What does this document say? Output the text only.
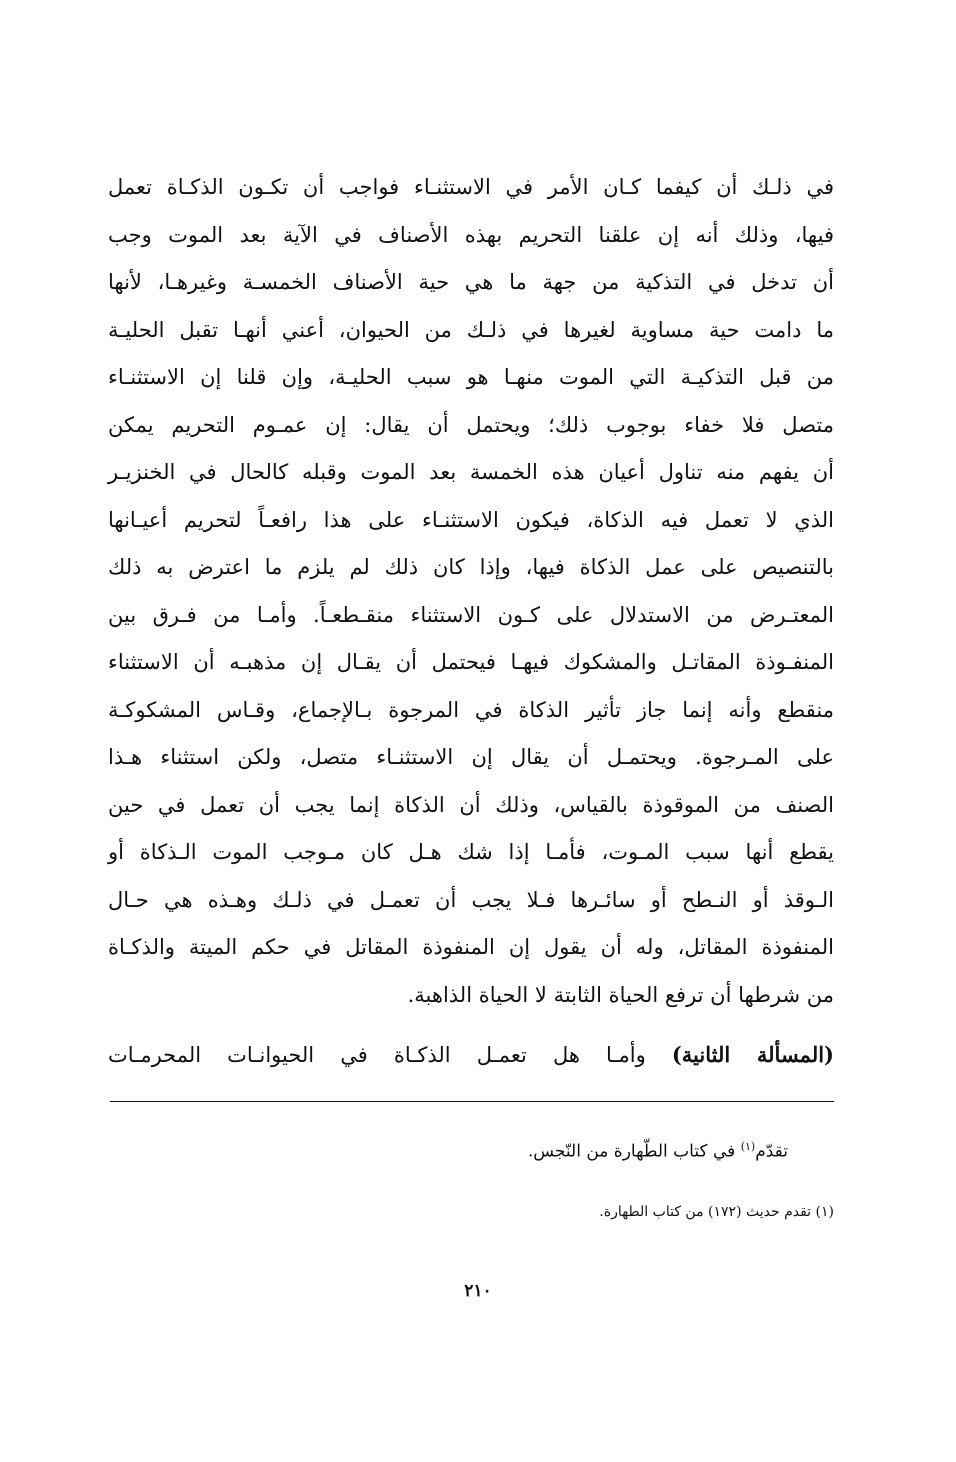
في ذلـك أن كيفما كـان الأمر في الاستثنـاء فواجب أن تكـون الذكـاة تعمل
فيها، وذلك أنه إن علقنا التحريم بهذه الأصناف في الآية بعد الموت وجب
أن تدخل في التذكية من جهة ما هي حية الأصناف الخمسـة وغيرهـا، لأنها
ما دامت حية مساوية لغيرها في ذلـك من الحيوان، أعني أنهـا تقبل الحليـة
من قبل التذكيـة التي الموت منهـا هو سبب الحليـة، وإن قلنا إن الاستثنـاء
متصل فلا خفاء بوجوب ذلك؛ ويحتمل أن يقال: إن عمـوم التحريم يمكن
أن يفهم منه تناول أعيان هذه الخمسة بعد الموت وقبله كالحال في الخنزيـر
الذي لا تعمل فيه الذكاة، فيكون الاستثنـاء على هذا رافعـاً لتحريم أعيـانها
بالتنصيص على عمل الذكاة فيها، وإذا كان ذلك لم يلزم ما اعترض به ذلك
المعتـرض من الاستدلال على كـون الاستثناء منقـطعـاً. وأمـا من فـرق بين
المنفـوذة المقاتـل والمشكوك فيهـا فيحتمل أن يقـال إن مذهبـه أن الاستثناء
منقطع وأنه إنما جاز تأثير الذكاة في المرجوة بـالإجماع، وقـاس المشكوكـة
على المـرجوة. ويحتمـل أن يقال إن الاستثنـاء متصل، ولكن استثناء هـذا
الصنف من الموقوذة بالقياس، وذلك أن الذكاة إنما يجب أن تعمل في حين
يقطع أنها سبب المـوت، فأمـا إذا شك هـل كان مـوجب الموت الـذكاة أو
الـوقذ أو النـطح أو سائـرها فـلا يجب أن تعمـل في ذلـك وهـذه هي حـال
المنفوذة المقاتل، وله أن يقول إن المنفوذة المقاتل في حكم الميتة والذكـاة
من شرطها أن ترفع الحياة الثابتة لا الحياة الذاهبة.
(المسألة الثانية) وأمـا هل تعمـل الذكـاة في الحيوانـات المحرمـات
تقدّم$^{(١)}$ في كتاب الطّهارة من النّجس.
(١) تقدم حديث (١٧٢) من كتاب الطهارة.
٢١٠
